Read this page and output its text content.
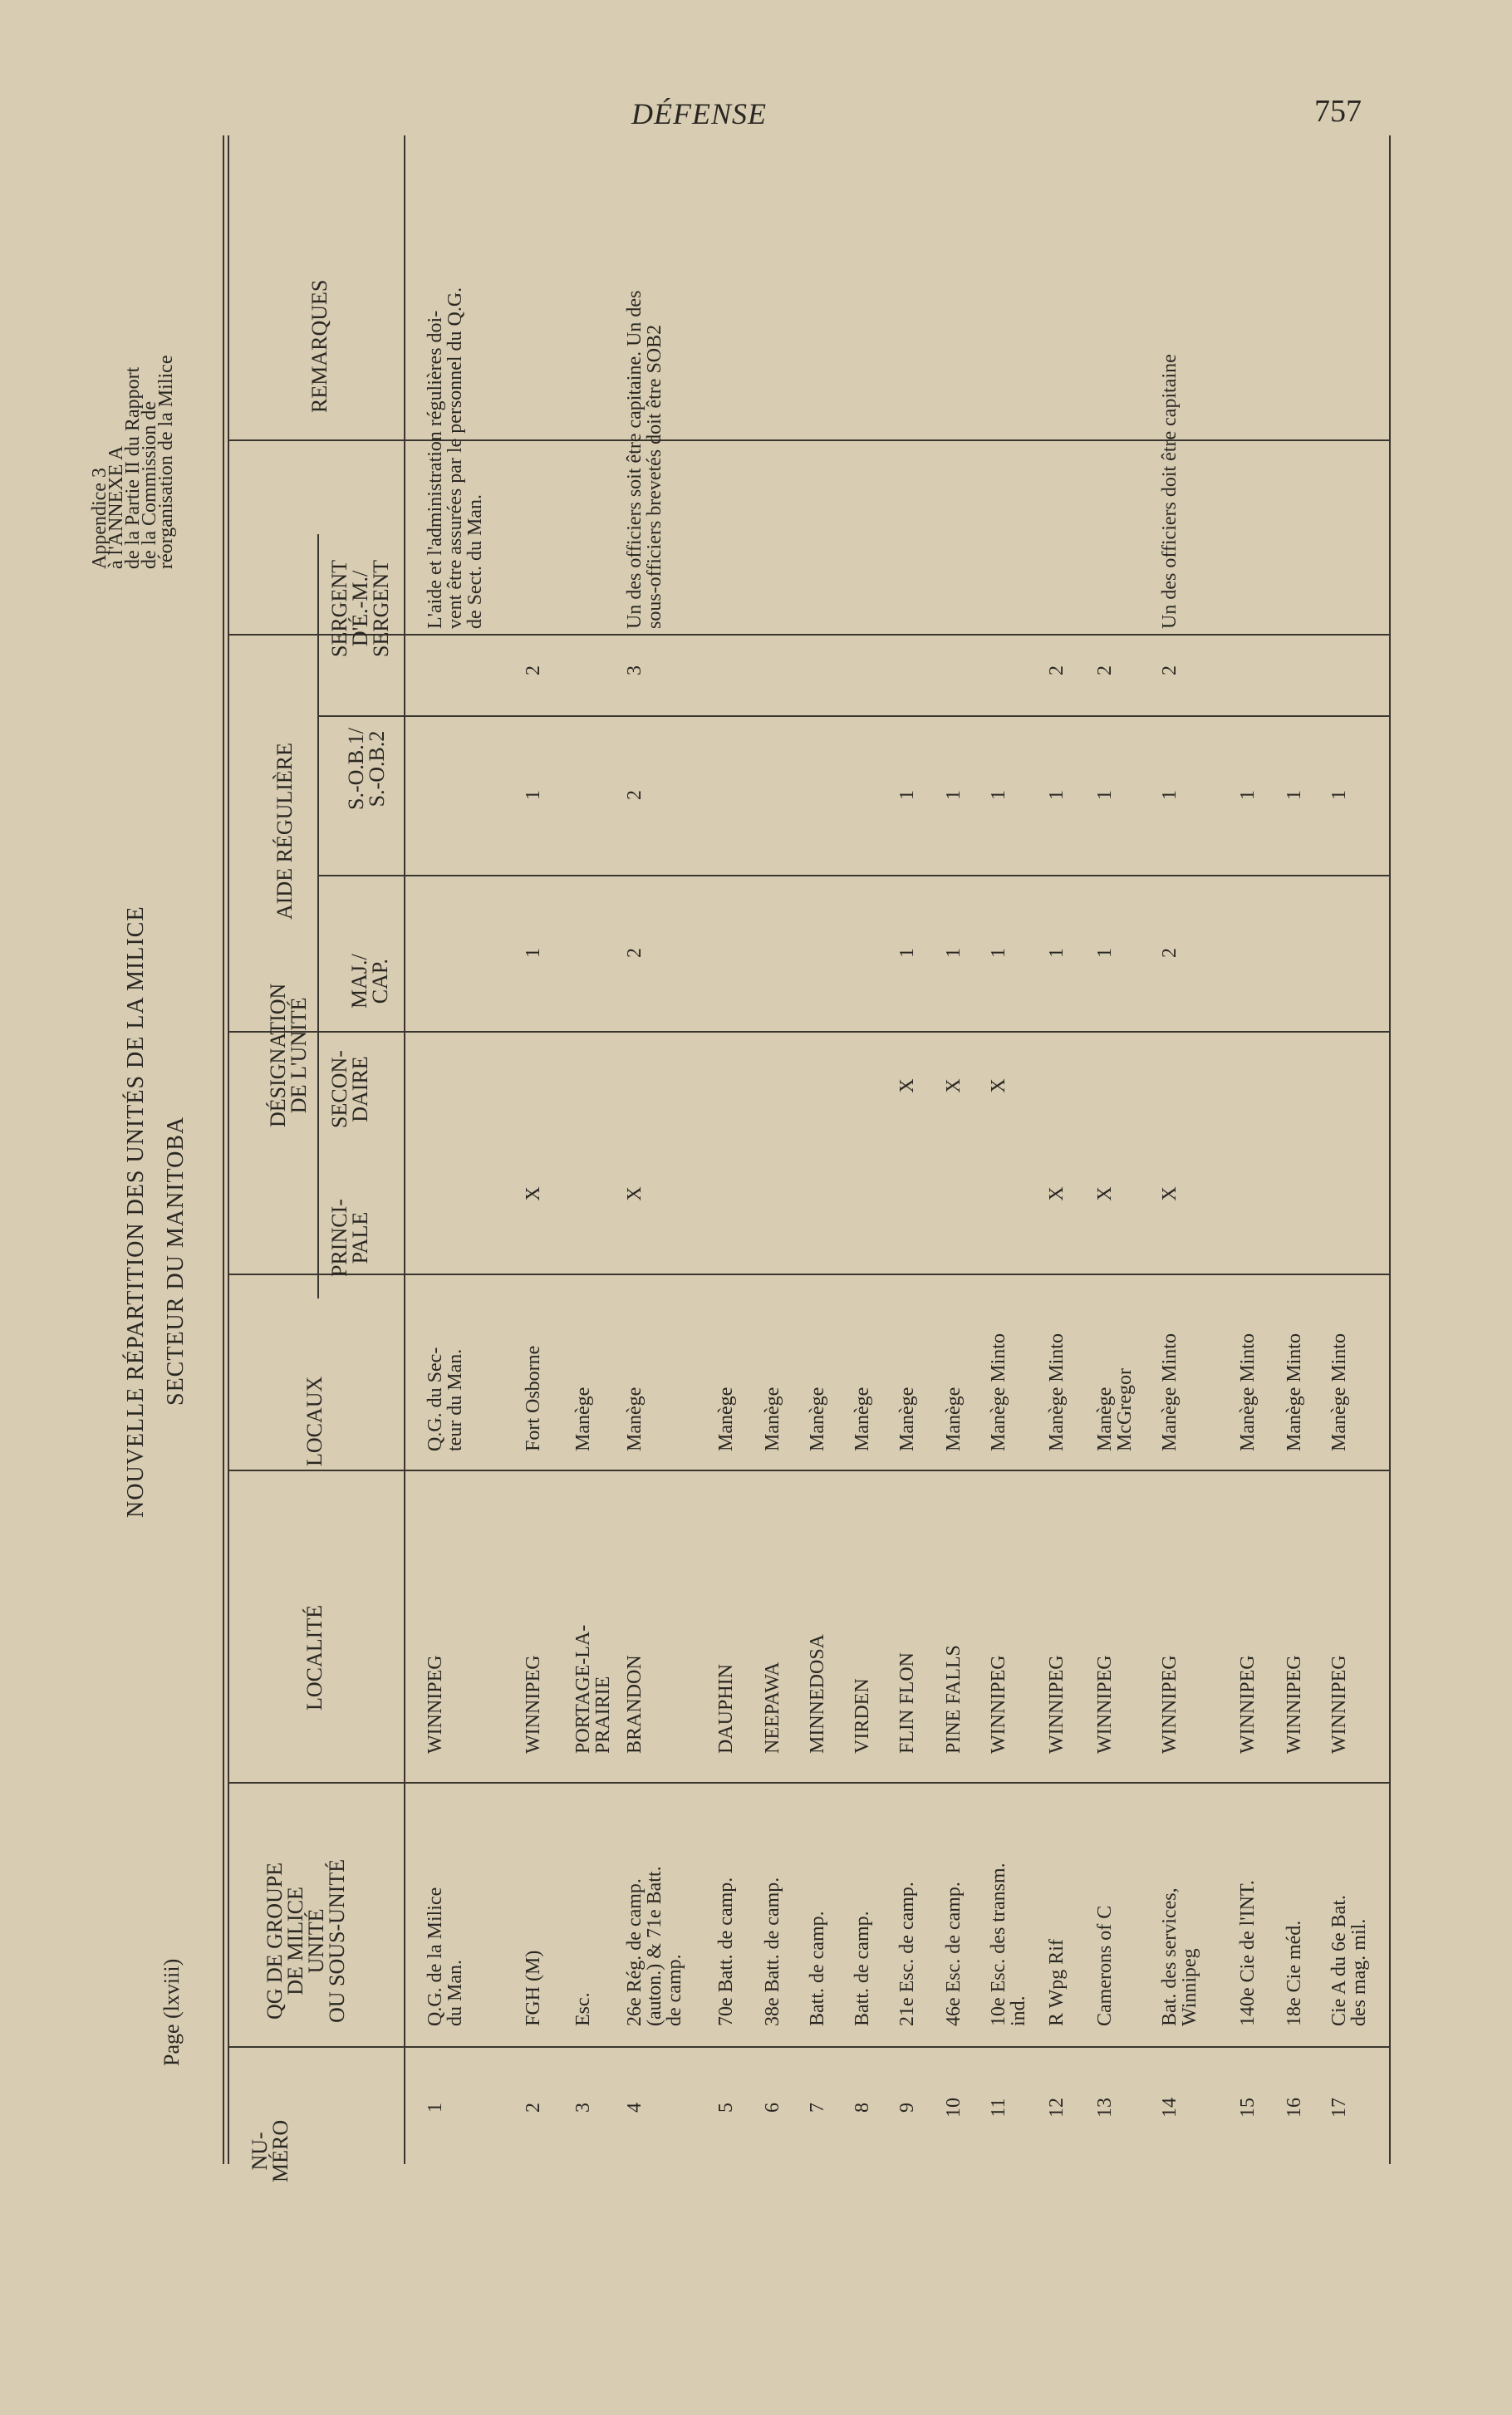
757
DÉFENSE
Appendice 3
à l'ANNEXE A
de la Partie II du Rapport
de la Commission de
réorganisation de la Milice
Page (lxviii)
NOUVELLE RÉPARTITION DES UNITÉS DE LA MILICE SECTEUR DU MANITOBA
NU-
MÉRO
QG DE GROUPE
DE MILICE
UNITÉ
OU SOUS-UNITÉ
LOCALITÉ
LOCAUX
DÉSIGNATION
DE L'UNITÉ
PRINCI-
PALE
SECON-
DAIRE
AIDE RÉGULIÈRE
MAJ./
CAP.
S.-O.B.1/
S.-O.B.2
SERGENT
D'É.-M./
SERGENT
REMARQUES
1
Q.G. de la Milice
du Man.
WINNIPEG
Q.G. du Sec-
teur du Man.
L'aide et l'administration régulières doi-
vent être assurées par le personnel du Q.G.
de Sect. du Man.
2
FGH (M)
WINNIPEG
Fort Osborne
X
1
1
2
3
Esc.
PORTAGE-LA-
PRAIRIE
Manège
4
26e Rég. de camp.
(auton.) & 71e Batt.
de camp.
BRANDON
Manège
X
2
2
3
Un des officiers soit être capitaine. Un des
sous-officiers brevetés doit être SOB2
5
70e Batt. de camp.
DAUPHIN
Manège
6
38e Batt. de camp.
NEEPAWA
Manège
7
Batt. de camp.
MINNEDOSA
Manège
8
Batt. de camp.
VIRDEN
Manège
9
21e Esc. de camp.
FLIN FLON
Manège
X
1
1
10
46e Esc. de camp.
PINE FALLS
Manège
X
1
1
11
10e Esc. des transm.
ind.
WINNIPEG
Manège Minto
X
1
1
12
R Wpg Rif
WINNIPEG
Manège Minto
X
1
1
2
13
Camerons of C
WINNIPEG
Manège
McGregor
X
1
1
2
14
Bat. des services,
Winnipeg
WINNIPEG
Manège Minto
X
2
1
2
Un des officiers doit être capitaine
15
140e Cie de l'INT.
WINNIPEG
Manège Minto
1
16
18e Cie méd.
WINNIPEG
Manège Minto
1
17
Cie A du 6e Bat.
des mag. mil.
WINNIPEG
Manège Minto
1
